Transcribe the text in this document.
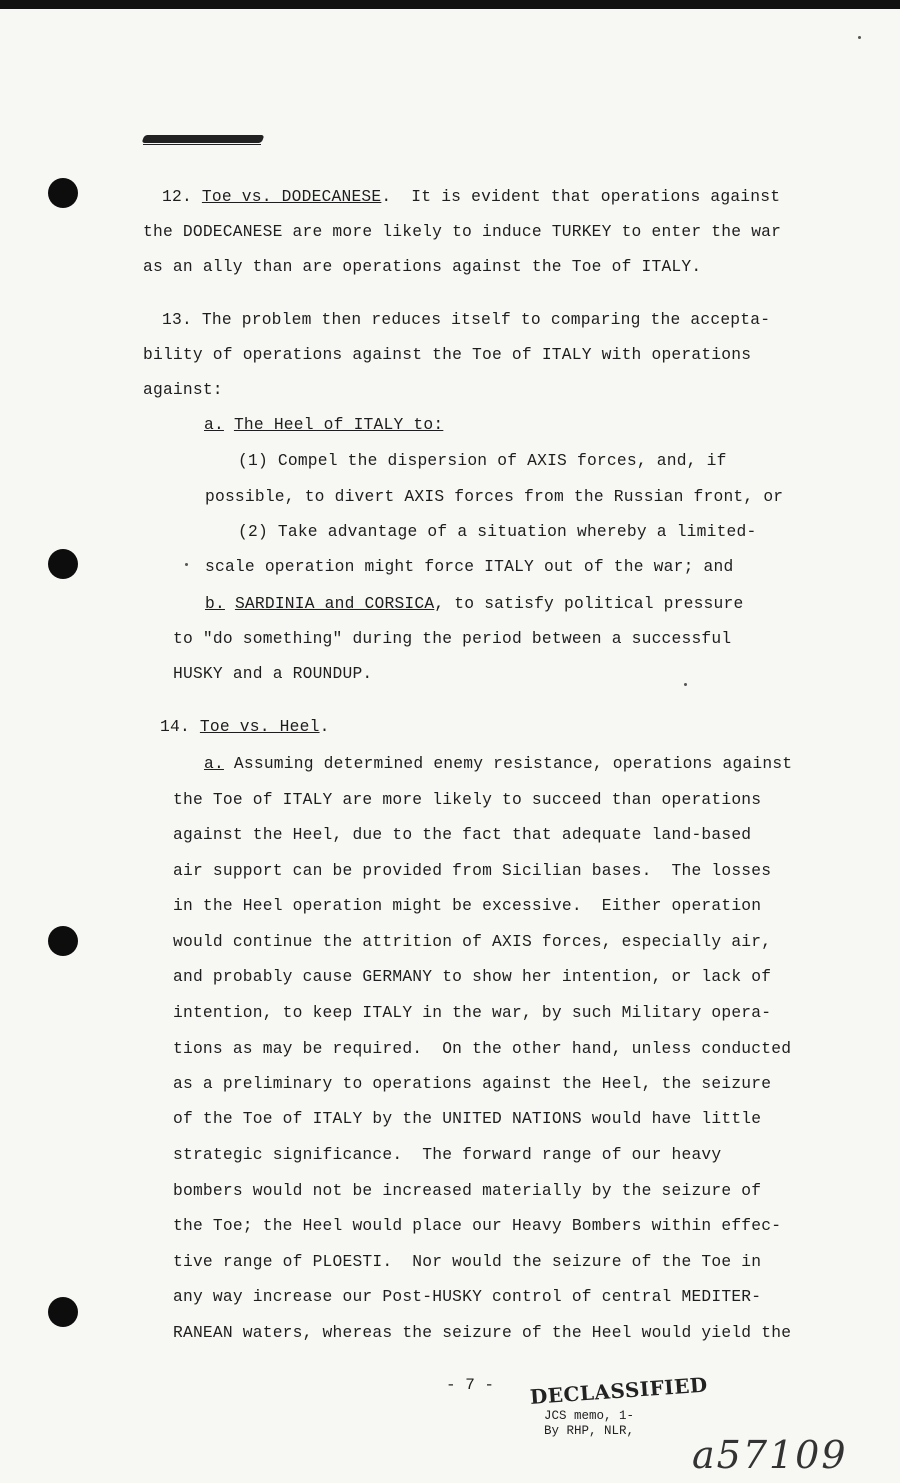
12. Toe vs. DODECANESE.  It is evident that operations against
the DODECANESE are more likely to induce TURKEY to enter the war
as an ally than are operations against the Toe of ITALY.
13. The problem then reduces itself to comparing the accepta-
bility of operations against the Toe of ITALY with operations
against:
a. The Heel of ITALY to:
(1) Compel the dispersion of AXIS forces, and, if
possible, to divert AXIS forces from the Russian front, or
(2) Take advantage of a situation whereby a limited-
scale operation might force ITALY out of the war; and
b. SARDINIA and CORSICA, to satisfy political pressure
to "do something" during the period between a successful
HUSKY and a ROUNDUP.
14. Toe vs. Heel.
a. Assuming determined enemy resistance, operations against
the Toe of ITALY are more likely to succeed than operations
against the Heel, due to the fact that adequate land-based
air support can be provided from Sicilian bases.  The losses
in the Heel operation might be excessive.  Either operation
would continue the attrition of AXIS forces, especially air,
and probably cause GERMANY to show her intention, or lack of
intention, to keep ITALY in the war, by such Military opera-
tions as may be required.  On the other hand, unless conducted
as a preliminary to operations against the Heel, the seizure
of the Toe of ITALY by the UNITED NATIONS would have little
strategic significance.  The forward range of our heavy
bombers would not be increased materially by the seizure of
the Toe; the Heel would place our Heavy Bombers within effec-
tive range of PLOESTI.  Nor would the seizure of the Toe in
any way increase our Post-HUSKY control of central MEDITER-
RANEAN waters, whereas the seizure of the Heel would yield the
- 7 - DECLASSIFIED
JCS memo, 1-
By RHP, NLR,
a57109
